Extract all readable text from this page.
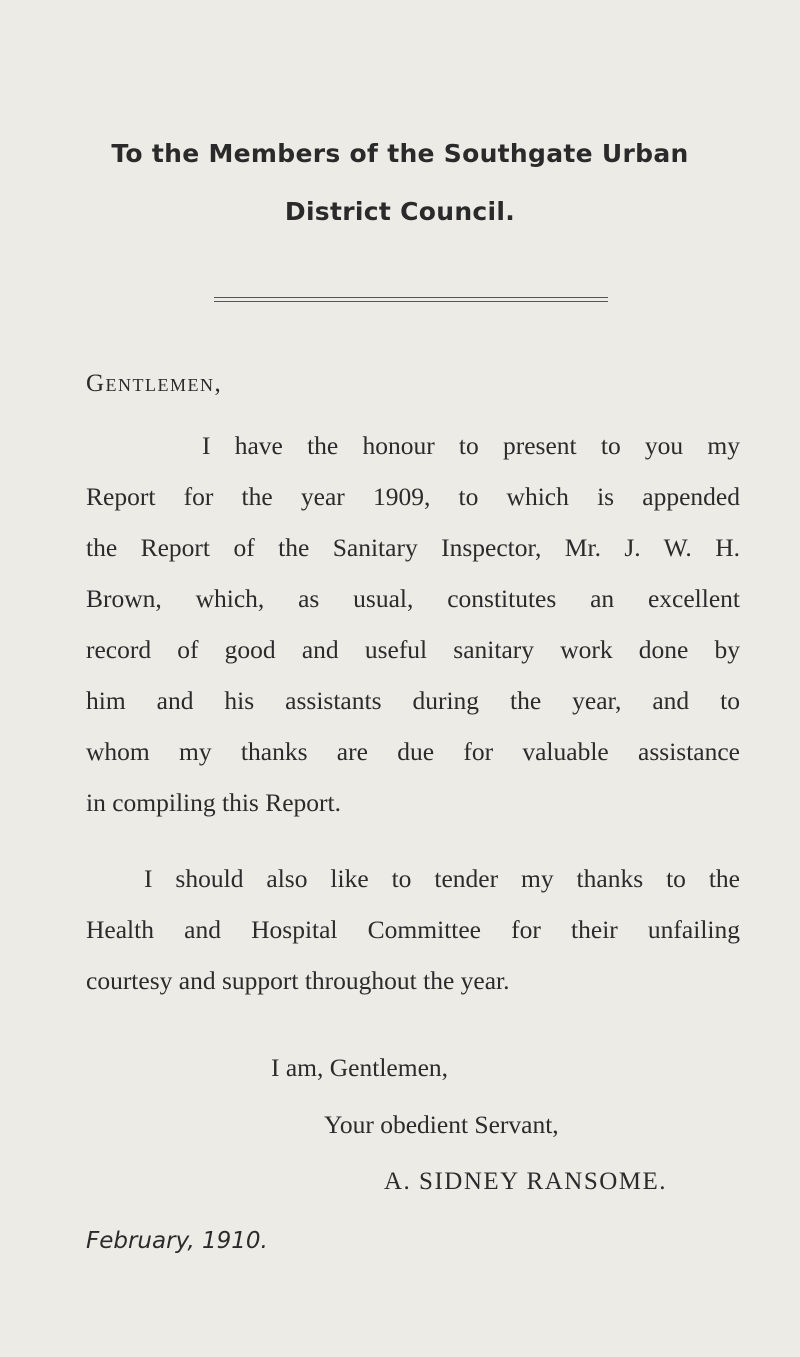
To the Members of the Southgate Urban
District Council.
Gentlemen,
I have the honour to present to you my
Report for the year 1909, to which is appended
the Report of the Sanitary Inspector, Mr. J. W. H.
Brown, which, as usual, constitutes an excellent
record of good and useful sanitary work done by
him and his assistants during the year, and to
whom my thanks are due for valuable assistance
in compiling this Report.
I should also like to tender my thanks to the
Health and Hospital Committee for their unfailing
courtesy and support throughout the year.
I am, Gentlemen,
Your obedient Servant,
A. SIDNEY RANSOME.
February, 1910.
